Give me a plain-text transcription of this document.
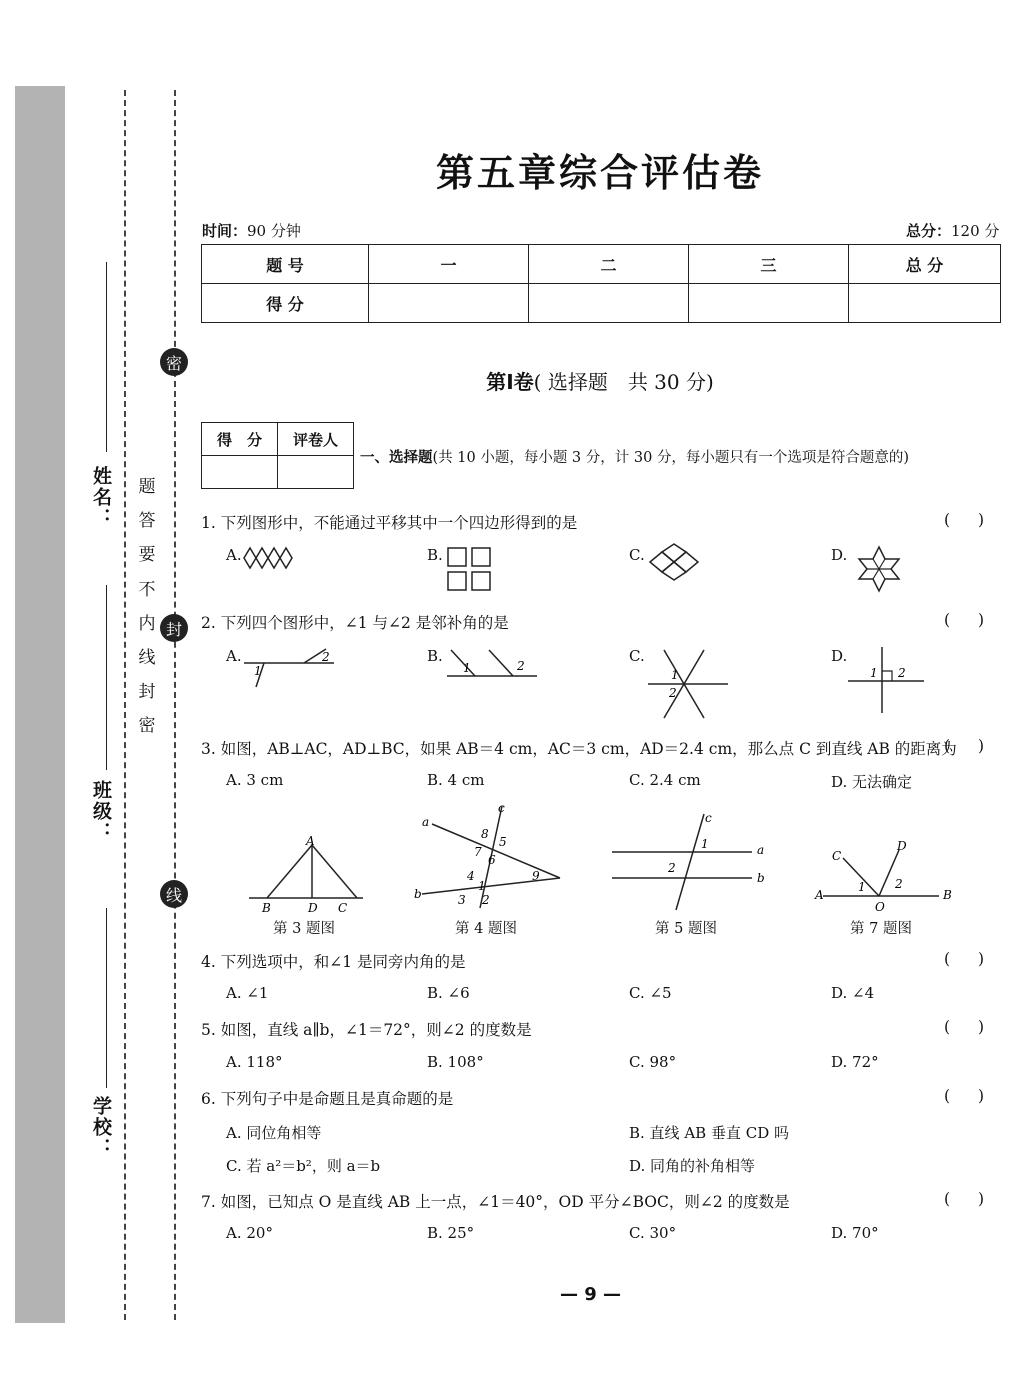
姓名：
班级：
学校：
密
封
线
题
答
要
不
内
线
封
密
第五章综合评估卷
时间：90 分钟	总分：120 分
题 号	一	二	三	总 分
得 分				
第Ⅰ卷( 选择题　共 30 分)
得　分	评卷人

一、选择题(共 10 小题，每小题 3 分，计 30 分，每小题只有一个选项是符合题意的)
1. 下列图形中，不能通过平移其中一个四边形得到的是	()
A.	B.	C.	D.
2. 下列四个图形中，∠1 与∠2 是邻补角的是	()
A.
1
2	B.
1	2
C.
1
2
D.
1 2
3. 如图，AB⊥AC，AD⊥BC，如果 AB＝4 cm，AC＝3 cm，AD＝2.4 cm，那么点 C 到直线 AB 的距离为
()
A. 3 cm	B. 4 cm	C. 2.4 cm	D. 无法确定
A
B	D C
第 3 题图
a
b
c
8
5
7
6
4
1
3 2
9
第 4 题图
a
b
c
1
2
第 5 题图
A	B
C
D
O
1 2
第 7 题图
4. 下列选项中，和∠1 是同旁内角的是	()
A. ∠1	B. ∠6	C. ∠5	D. ∠4
5. 如图，直线 a∥b，∠1＝72°，则∠2 的度数是	()
A. 118°	B. 108°	C. 98°	D. 72°
6. 下列句子中是命题且是真命题的是	()
A. 同位角相等	B. 直线 AB 垂直 CD 吗
C. 若 a²＝b²，则 a＝b	D. 同角的补角相等
7. 如图，已知点 O 是直线 AB 上一点，∠1＝40°，OD 平分∠BOC，则∠2 的度数是	()
A. 20°	B. 25°	C. 30°	D. 70°
— 9 —
